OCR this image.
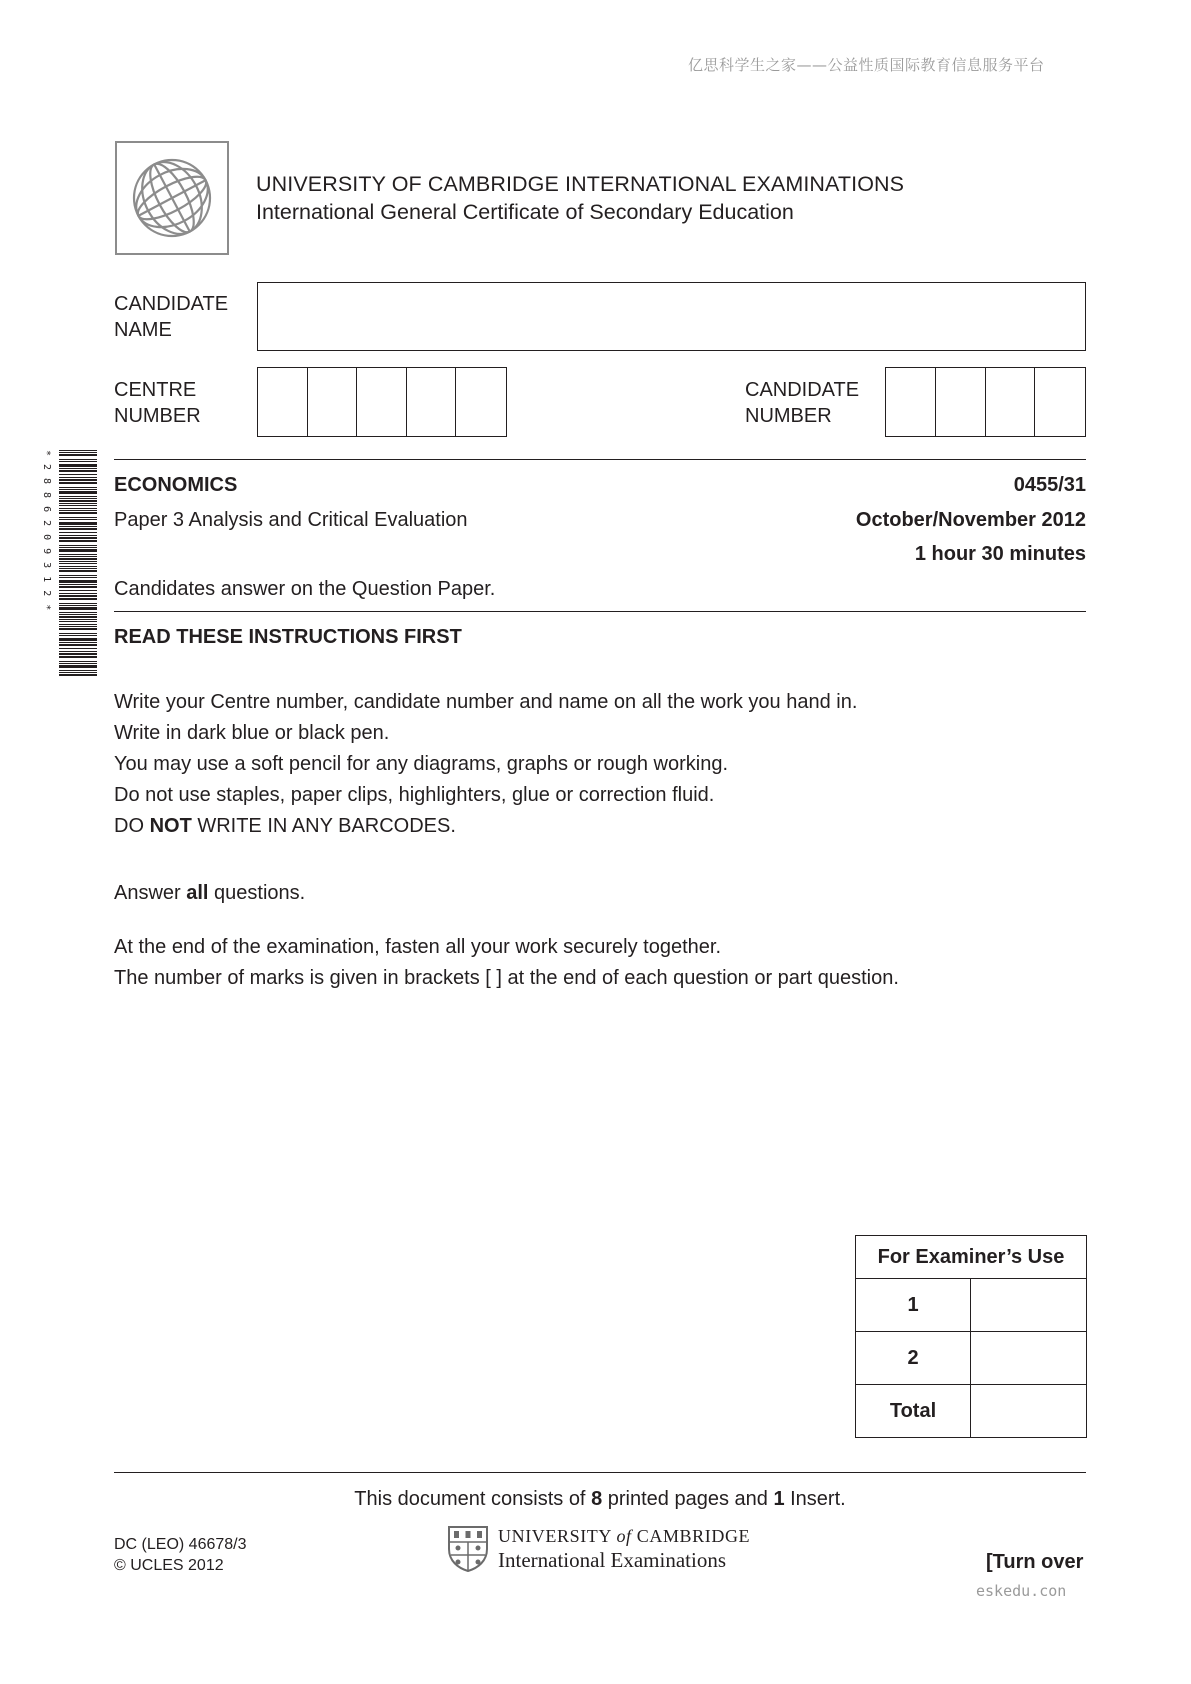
亿思科学生之家——公益性质国际教育信息服务平台
UNIVERSITY OF CAMBRIDGE INTERNATIONAL EXAMINATIONS
International General Certificate of Secondary Education
CANDIDATE
NAME
CENTRE
NUMBER
CANDIDATE
NUMBER
*2886209312*	ECONOMICS	0455/31
Paper 3 Analysis and Critical Evaluation	October/November 2012
1 hour 30 minutes
Candidates answer on the Question Paper.
READ THESE INSTRUCTIONS FIRST
Write your Centre number, candidate number and name on all the work you hand in.
Write in dark blue or black pen.
You may use a soft pencil for any diagrams, graphs or rough working.
Do not use staples, paper clips, highlighters, glue or correction fluid.
DO NOT WRITE IN ANY BARCODES.
Answer all questions.
At the end of the examination, fasten all your work securely together.
The number of marks is given in brackets [ ] at the end of each question or part question.
For Examiner’s Use	
1	
2	
Total	
This document consists of 8 printed pages and 1 Insert.
DC (LEO) 46678/3
© UCLES 2012
UNIVERSITY of CAMBRIDGE
International Examinations	[Turn over
eskedu.con
